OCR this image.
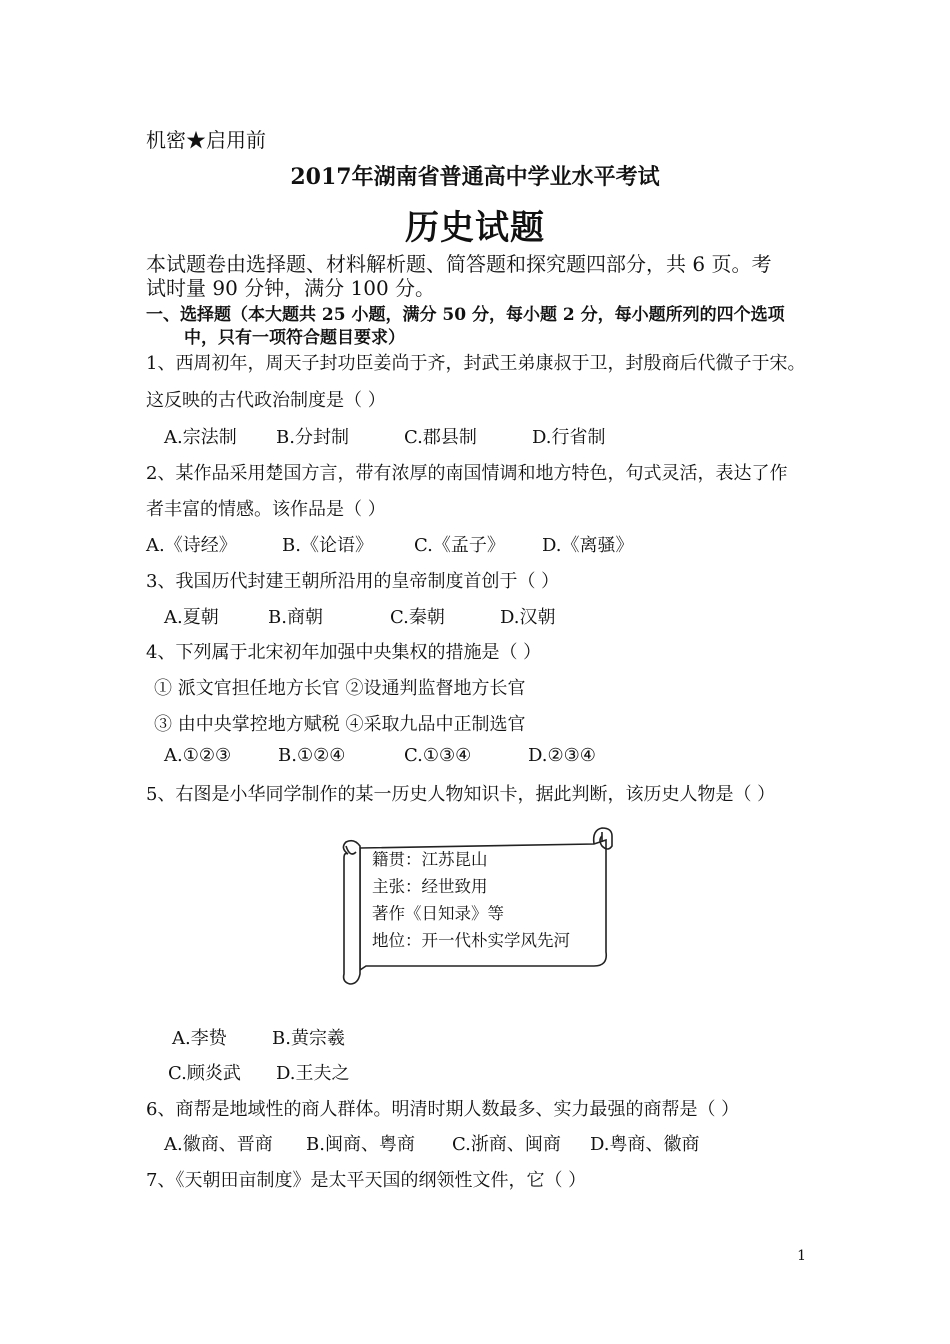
机密★启用前
2017年湖南省普通高中学业水平考试
历史试题
本试题卷由选择题、材料解析题、简答题和探究题四部分，共 6 页。考
试时量 90 分钟，满分 100 分。
一、选择题（本大题共 25 小题，满分 50 分，每小题 2 分，每小题所列的四个选项
中，只有一项符合题目要求）
1、西周初年，周天子封功臣姜尚于齐，封武王弟康叔于卫，封殷商后代微子于宋。
这反映的古代政治制度是（ ）
A.宗法制 B.分封制	C.郡县制	D.行省制
2、某作品采用楚国方言，带有浓厚的南国情调和地方特色，句式灵活，表达了作
者丰富的情感。该作品是（ ）
A.《诗经》	B.《论语》 C.《孟子》 D.《离骚》
3、我国历代封建王朝所沿用的皇帝制度首创于（ ）
A.夏朝	B.商朝	C.秦朝	D.汉朝
4、下列属于北宋初年加强中央集权的措施是（ ）
① 派文官担任地方长官 ②设通判监督地方长官
③ 由中央掌控地方赋税 ④采取九品中正制选官
A.①②③	B.①②④	C.①③④	D.②③④
5、右图是小华同学制作的某一历史人物知识卡，据此判断，该历史人物是（ ）
籍贯：江苏昆山
主张：经世致用
著作《日知录》等
地位：开一代朴实学风先河
A.李贽	B.黄宗羲
C.顾炎武 D.王夫之
6、商帮是地域性的商人群体。明清时期人数最多、实力最强的商帮是（ ）
A.徽商、晋商 B.闽商、粤商 C.浙商、闽商 D.粤商、徽商
7、《天朝田亩制度》是太平天国的纲领性文件，它（ ）
1
